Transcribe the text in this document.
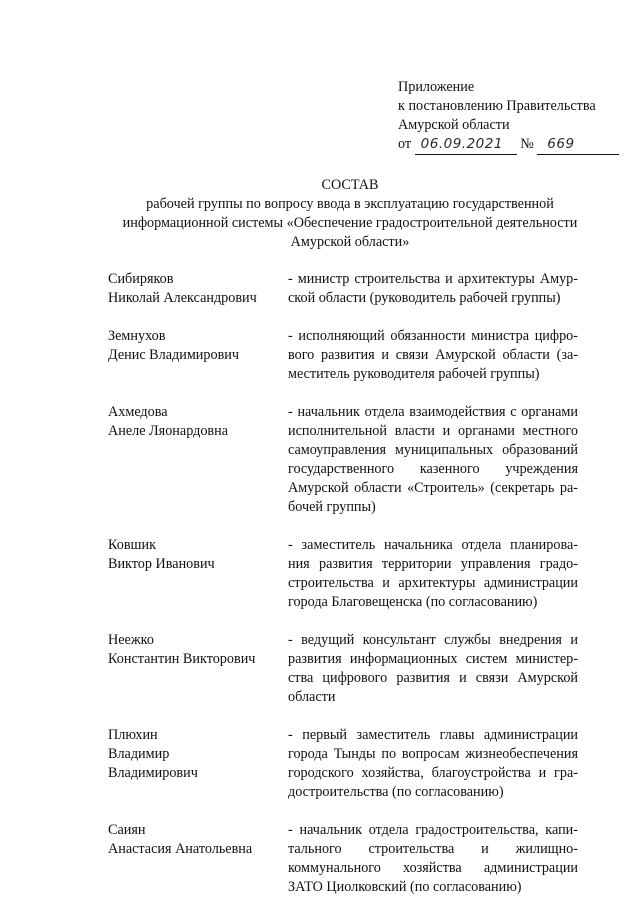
Приложение
к постановлению Правительства
Амурской области
от 06.09.2021 № 669
СОСТАВ
рабочей группы по вопросу ввода в эксплуатацию государственной
информационной системы «Обеспечение градостроительной деятельности
Амурской области»
Сибиряков
Николай Александрович
- министр строительства и архитектуры Амур-
ской области (руководитель рабочей группы)
Земнухов
Денис Владимирович
- исполняющий обязанности министра цифро-
вого развития и связи Амурской области (за-
меститель руководителя рабочей группы)
Ахмедова
Анеле Ляонардовна
- начальник отдела взаимодействия с органами
исполнительной власти и органами местного
самоуправления муниципальных образований
государственного казенного учреждения
Амурской области «Строитель» (секретарь ра-
бочей группы)
Ковшик
Виктор Иванович
- заместитель начальника отдела планирова-
ния развития территории управления градо-
строительства и архитектуры администрации
города Благовещенска (по согласованию)
Неежко
Константин Викторович
- ведущий консультант службы внедрения и
развития информационных систем министер-
ства цифрового развития и связи Амурской
области
Плюхин
Владимир
Владимирович
- первый заместитель главы администрации
города Тынды по вопросам жизнеобеспечения
городского хозяйства, благоустройства и гра-
достроительства (по согласованию)
Саиян
Анастасия Анатольевна
- начальник отдела градостроительства, капи-
тального строительства и жилищно-
коммунального хозяйства администрации
ЗАТО Циолковский (по согласованию)
